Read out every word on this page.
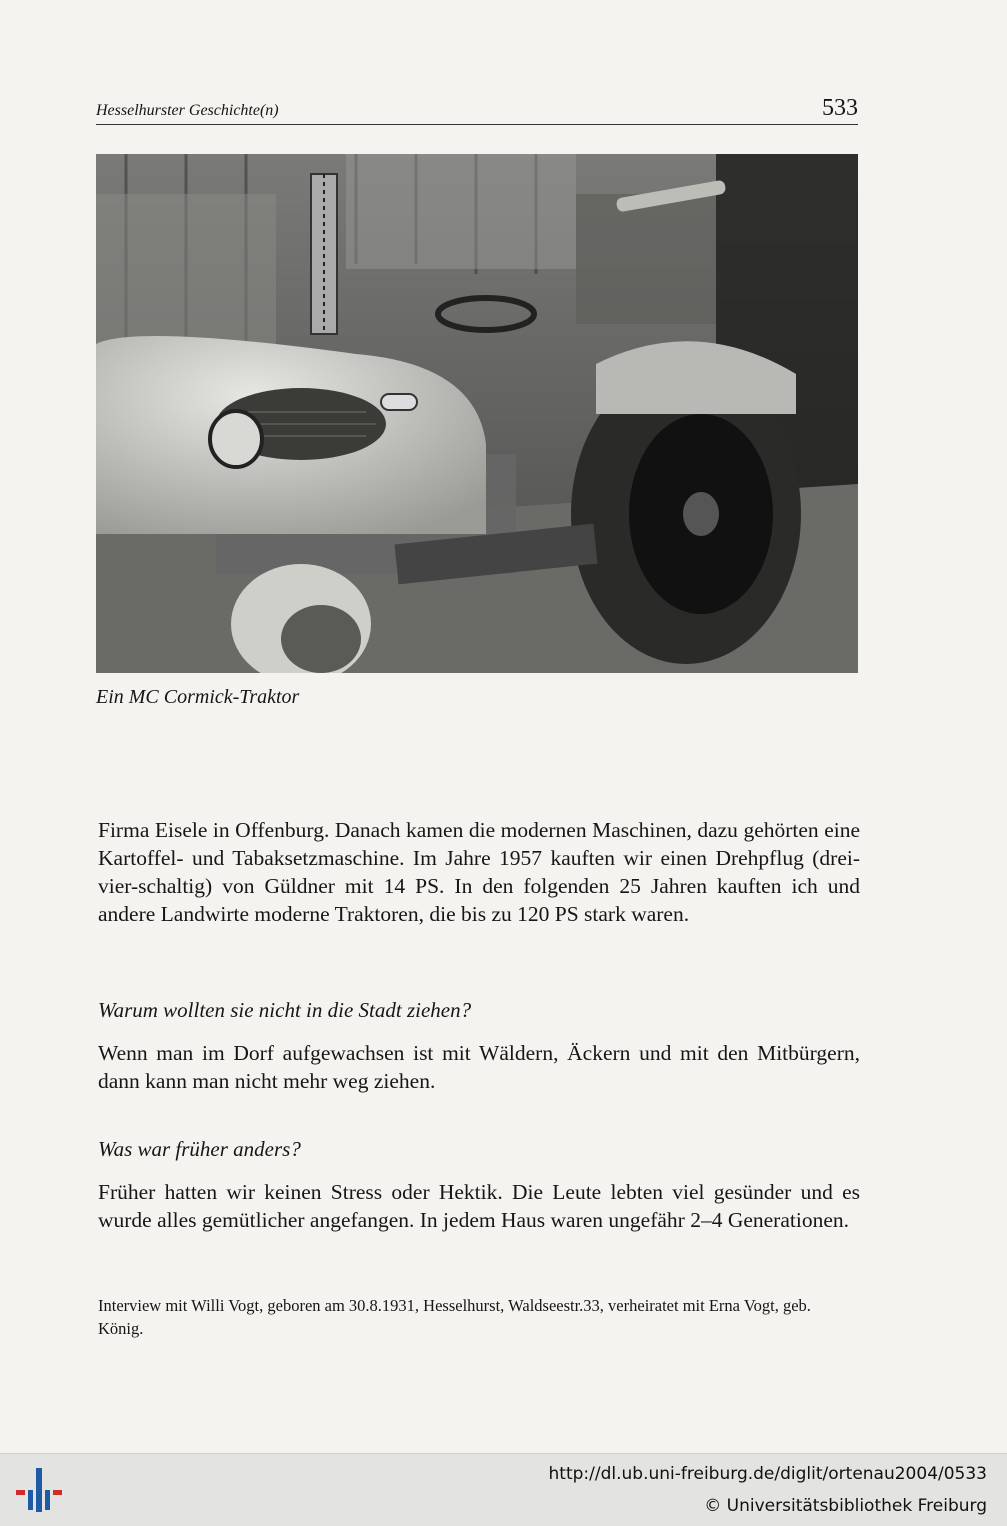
Hesselhurster Geschichte(n)	533
Ein MC Cormick-Traktor

Firma Eisele in Offenburg. Danach kamen die modernen Maschinen, dazu gehörten eine Kartoffel- und Tabaksetzmaschine. Im Jahre 1957 kauften wir einen Drehpflug (drei-vier-schaltig) von Güldner mit 14 PS. In den folgenden 25 Jahren kauften ich und andere Landwirte moderne Traktoren, die bis zu 120 PS stark waren.

Warum wollten sie nicht in die Stadt ziehen?

Wenn man im Dorf aufgewachsen ist mit Wäldern, Äckern und mit den Mitbürgern, dann kann man nicht mehr weg ziehen.

Was war früher anders?

Früher hatten wir keinen Stress oder Hektik. Die Leute lebten viel gesünder und es wurde alles gemütlicher angefangen. In jedem Haus waren ungefähr 2–4 Generationen.

Interview mit Willi Vogt, geboren am 30.8.1931, Hesselhurst, Waldseestr.33, verheiratet mit Erna Vogt, geb. König.

http://dl.ub.uni-freiburg.de/diglit/ortenau2004/0533
© Universitätsbibliothek Freiburg
